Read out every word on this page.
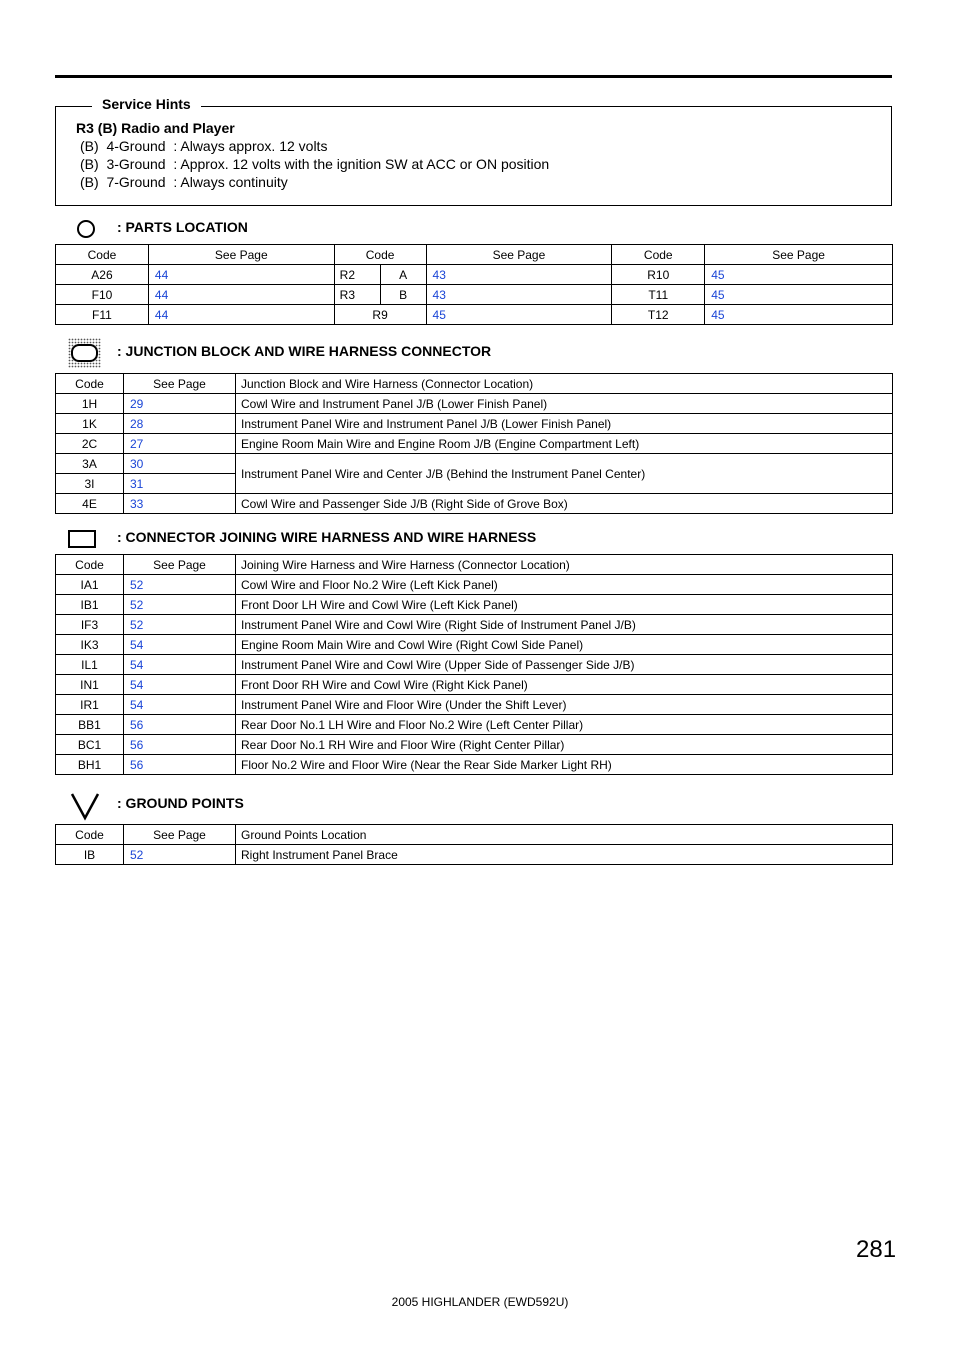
Service Hints
R3 (B) Radio and Player
(B)  4-Ground  : Always approx. 12 volts
(B)  3-Ground  : Approx. 12 volts with the ignition SW at ACC or ON position
(B)  7-Ground  : Always continuity
: PARTS LOCATION
Code	See Page	Code		See Page	Code	See Page
A26	44	R2	A	43	R10	45
F10	44	R3	B	43	T11	45
F11	44	R9		45	T12	45
: JUNCTION BLOCK AND WIRE HARNESS CONNECTOR
Code	See Page	Junction Block and Wire Harness (Connector Location)
1H	29	Cowl Wire and Instrument Panel J/B (Lower Finish Panel)
1K	28	Instrument Panel Wire and Instrument Panel J/B (Lower Finish Panel)
2C	27	Engine Room Main Wire and Engine Room J/B (Engine Compartment Left)
3A	30	Instrument Panel Wire and Center J/B (Behind the Instrument Panel Center)
3I	31	
4E	33	Cowl Wire and Passenger Side J/B (Right Side of Grove Box)
: CONNECTOR JOINING WIRE HARNESS AND WIRE HARNESS
Code	See Page	Joining Wire Harness and Wire Harness (Connector Location)
IA1	52	Cowl Wire and Floor No.2 Wire (Left Kick Panel)
IB1	52	Front Door LH Wire and Cowl Wire (Left Kick Panel)
IF3	52	Instrument Panel Wire and Cowl Wire (Right Side of Instrument Panel J/B)
IK3	54	Engine Room Main Wire and Cowl Wire (Right Cowl Side Panel)
IL1	54	Instrument Panel Wire and Cowl Wire (Upper Side of Passenger Side J/B)
IN1	54	Front Door RH Wire and Cowl Wire (Right Kick Panel)
IR1	54	Instrument Panel Wire and Floor Wire (Under the Shift Lever)
BB1	56	Rear Door No.1 LH Wire and Floor No.2 Wire (Left Center Pillar)
BC1	56	Rear Door No.1 RH Wire and Floor Wire (Right Center Pillar)
BH1	56	Floor No.2 Wire and Floor Wire (Near the Rear Side Marker Light RH)
: GROUND POINTS
Code	See Page	Ground Points Location
IB	52	Right Instrument Panel Brace
281
2005 HIGHLANDER (EWD592U)
